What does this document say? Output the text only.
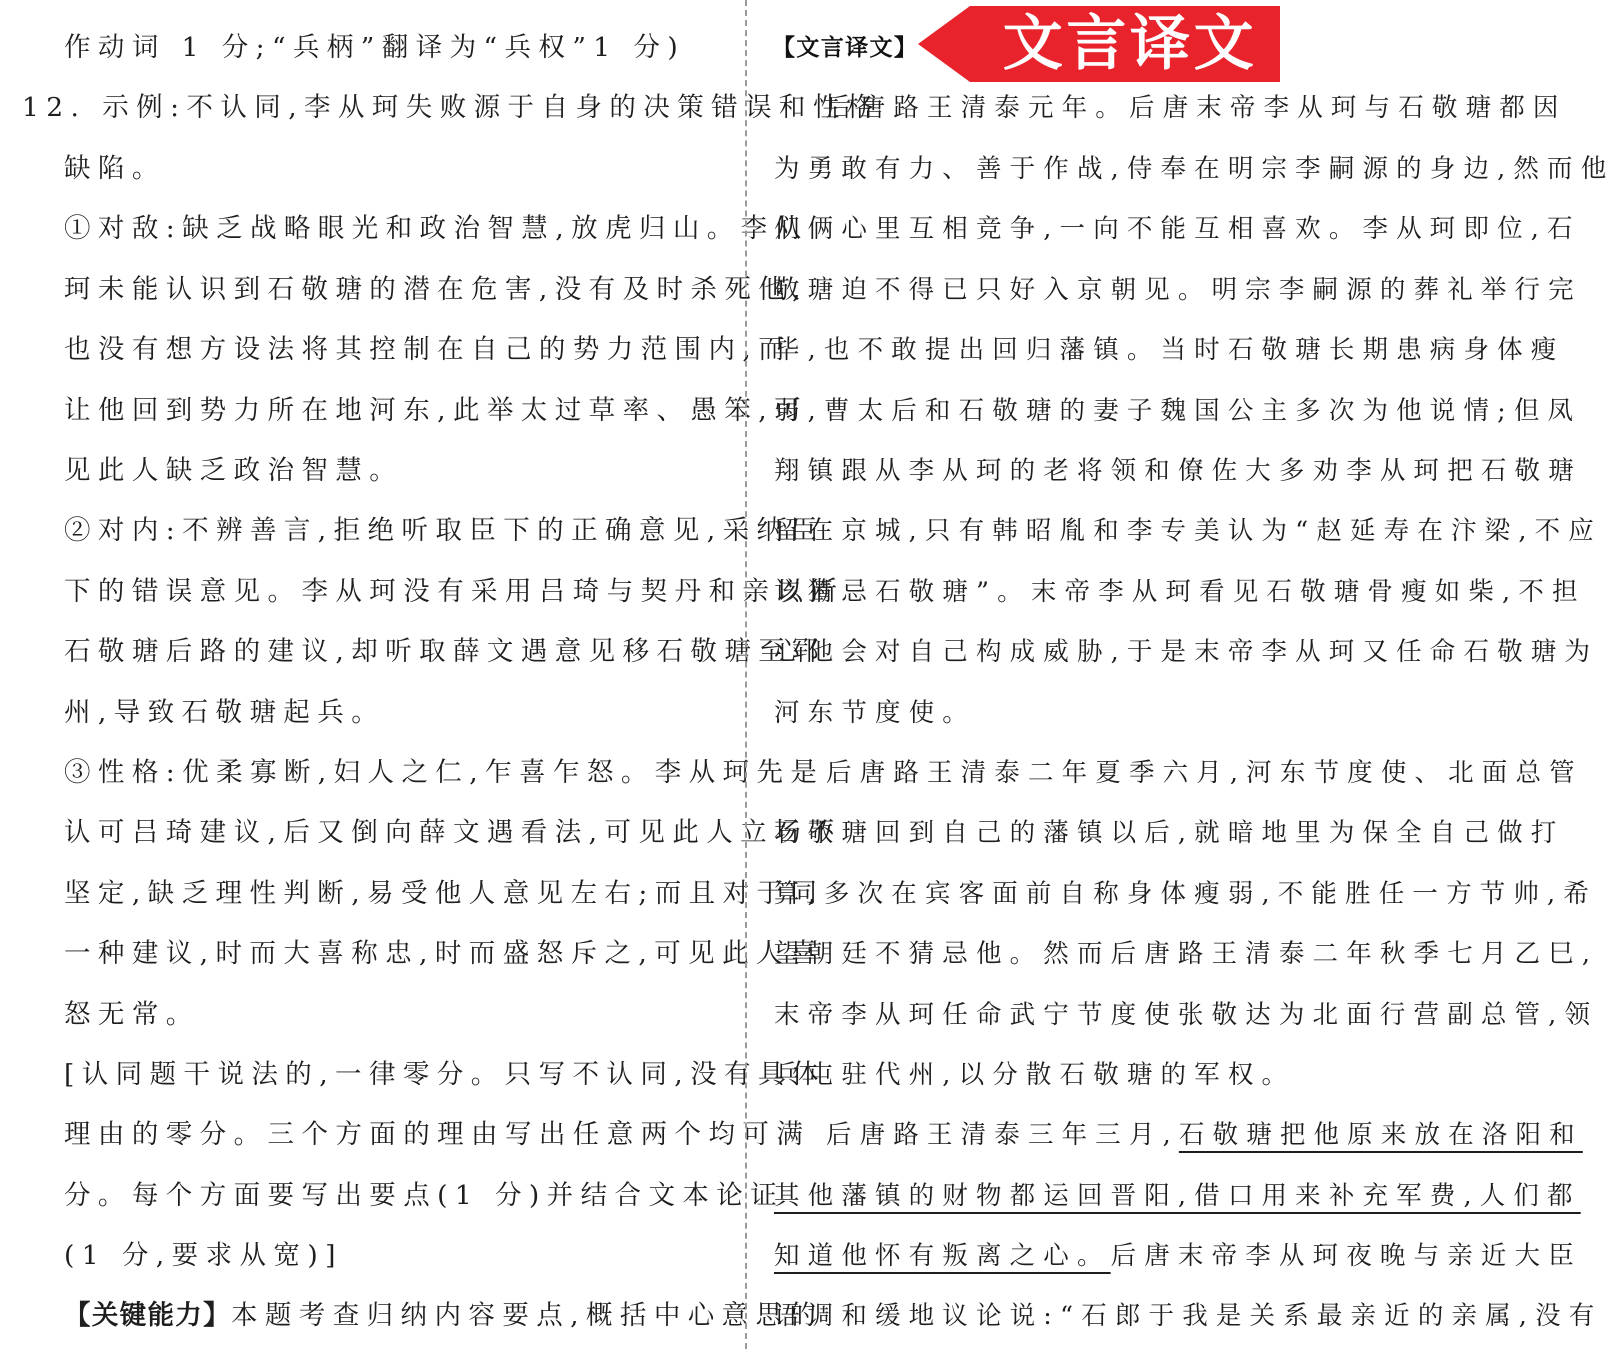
作动词 1 分;“兵柄”翻译为“兵权”1 分)
12. 示例:不认同,李从珂失败源于自身的决策错误和性格
缺陷。
①对敌:缺乏战略眼光和政治智慧,放虎归山。李从
珂未能认识到石敬瑭的潜在危害,没有及时杀死他,
也没有想方设法将其控制在自己的势力范围内,而
让他回到势力所在地河东,此举太过草率、愚笨,可
见此人缺乏政治智慧。
②对内:不辨善言,拒绝听取臣下的正确意见,采纳臣
下的错误意见。李从珂没有采用吕琦与契丹和亲以断
石敬瑭后路的建议,却听取薛文遇意见移石敬瑭至郓
州,导致石敬瑭起兵。
③性格:优柔寡断,妇人之仁,乍喜乍怒。李从珂先是
认可吕琦建议,后又倒向薛文遇看法,可见此人立场不
坚定,缺乏理性判断,易受他人意见左右;而且对于同
一种建议,时而大喜称忠,时而盛怒斥之,可见此人喜
怒无常。
[认同题干说法的,一律零分。只写不认同,没有具体
理由的零分。三个方面的理由写出任意两个均可满
分。每个方面要写出要点(1 分)并结合文本论证
(1 分,要求从宽)]
【关键能力】本题考查归纳内容要点,概括中心意思的
【文言译文】	文言译文
后唐路王清泰元年。后唐末帝李从珂与石敬瑭都因
为勇敢有力、善于作战,侍奉在明宗李嗣源的身边,然而他
们俩心里互相竞争,一向不能互相喜欢。李从珂即位,石
敬瑭迫不得已只好入京朝见。明宗李嗣源的葬礼举行完
毕,也不敢提出回归藩镇。当时石敬瑭长期患病身体瘦
弱,曹太后和石敬瑭的妻子魏国公主多次为他说情;但凤
翔镇跟从李从珂的老将领和僚佐大多劝李从珂把石敬瑭
留在京城,只有韩昭胤和李专美认为“赵延寿在汴梁,不应
该猜忌石敬瑭”。末帝李从珂看见石敬瑭骨瘦如柴,不担
心他会对自己构成威胁,于是末帝李从珂又任命石敬瑭为
河东节度使。
后唐路王清泰二年夏季六月,河东节度使、北面总管
石敬瑭回到自己的藩镇以后,就暗地里为保全自己做打
算,多次在宾客面前自称身体瘦弱,不能胜任一方节帅,希
望朝廷不猜忌他。然而后唐路王清泰二年秋季七月乙巳,
末帝李从珂任命武宁节度使张敬达为北面行营副总管,领
兵屯驻代州,以分散石敬瑭的军权。
后唐路王清泰三年三月,石敬瑭把他原来放在洛阳和
其他藩镇的财物都运回晋阳,借口用来补充军费,人们都
知道他怀有叛离之心。后唐末帝李从珂夜晚与亲近大臣
语调和缓地议论说:“石郎于我是关系最亲近的亲属,没有
